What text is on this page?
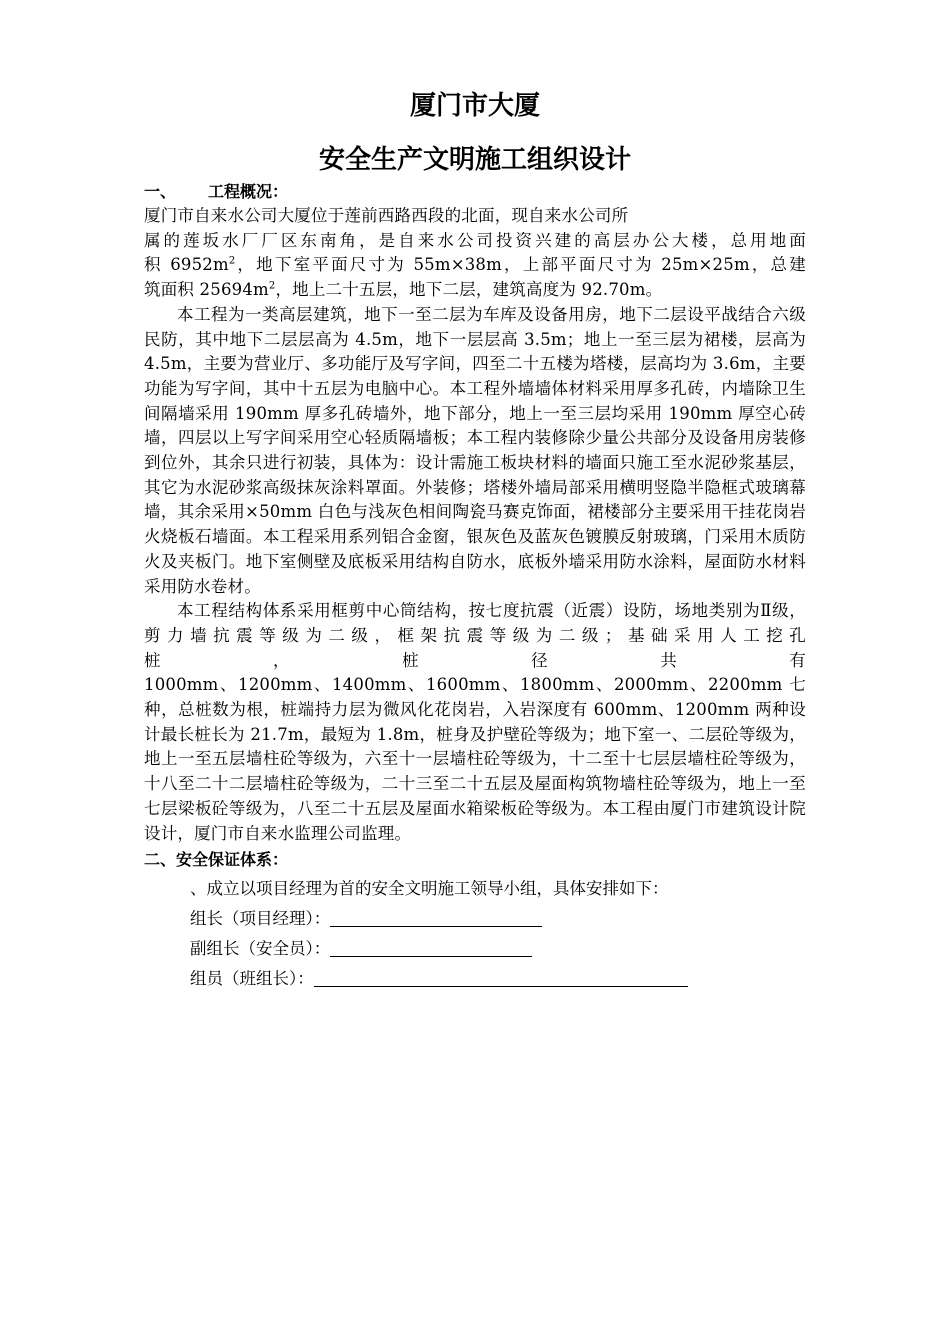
厦门市大厦
安全生产文明施工组织设计
一、 工程概况：
厦门市自来水公司大厦位于莲前西路西段的北面，现自来水公司所
属的莲坂水厂厂区东南角，是自来水公司投资兴建的高层办公大楼，总用地面
积 $6952m^2$，地下室平面尺寸为 55m×38m，上部平面尺寸为 25m×25m，总建
筑面积 $25694m^2$，地上二十五层，地下二层，建筑高度为 92.70m。

本工程为一类高层建筑，地下一至二层为车库及设备用房，地下二层设平战结合六级民防，其中地下二层层高为 4.5m，地下一层层高 3.5m；地上一至三层为裙楼，层高为 4.5m，主要为营业厅、多功能厅及写字间，四至二十五楼为塔楼，层高均为 3.6m，主要功能为写字间，其中十五层为电脑中心。本工程外墙墙体材料采用厚多孔砖，内墙除卫生间隔墙采用 190mm 厚多孔砖墙外，地下部分，地上一至三层均采用 190mm 厚空心砖墙，四层以上写字间采用空心轻质隔墙板；本工程内装修除少量公共部分及设备用房装修到位外，其余只进行初装，具体为：设计需施工板块材料的墙面只施工至水泥砂浆基层，其它为水泥砂浆高级抹灰涂料罩面。外装修；塔楼外墙局部采用横明竖隐半隐框式玻璃幕墙，其余采用×50mm 白色与浅灰色相间陶瓷马赛克饰面，裙楼部分主要采用干挂花岗岩火烧板石墙面。本工程采用系列铝合金窗，银灰色及蓝灰色镀膜反射玻璃，门采用木质防火及夹板门。地下室侧壁及底板采用结构自防水，底板外墙采用防水涂料，屋面防水材料采用防水卷材。

本工程结构体系采用框剪中心筒结构，按七度抗震（近震）设防，场地类别为Ⅱ级，剪力墙抗震等级为二级，框架抗震等级为二级；基础采用人工挖孔

桩	，	桩	径	共	有

1000mm、1200mm、1400mm、1600mm、1800mm、2000mm、2200mm 七种，总桩数为根，桩端持力层为微风化花岗岩，入岩深度有 600mm、1200mm 两种设计最长桩长为 21.7m，最短为 1.8m，桩身及护壁砼等级为；地下室一、二层砼等级为，地上一至五层墙柱砼等级为，六至十一层墙柱砼等级为，十二至十七层层墙柱砼等级为，十八至二十二层墙柱砼等级为，二十三至二十五层及屋面构筑物墙柱砼等级为，地上一至七层梁板砼等级为，八至二十五层及屋面水箱梁板砼等级为。本工程由厦门市建筑设计院设计，厦门市自来水监理公司监理。

二、安全保证体系：

、成立以项目经理为首的安全文明施工领导小组，具体安排如下：

组长（项目经理）：

副组长（安全员）：

组员（班组长）：
